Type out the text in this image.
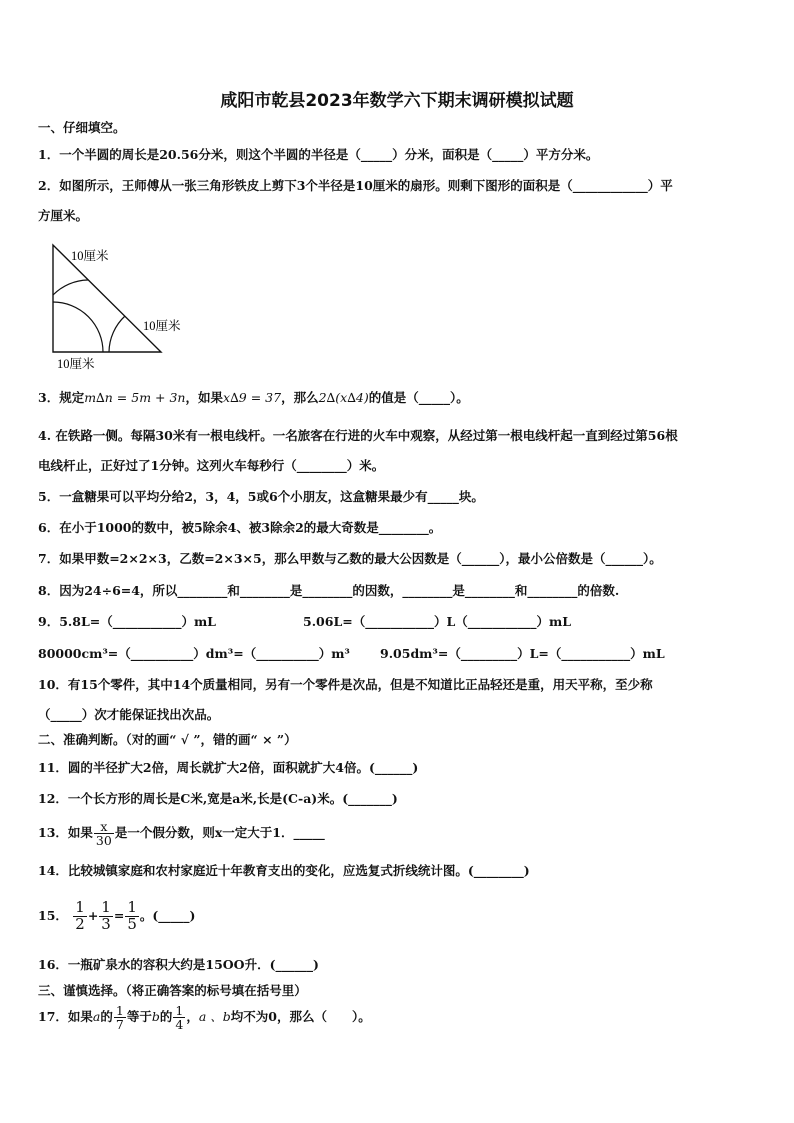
咸阳市乾县2023年数学六下期末调研模拟试题
一、仔细填空。
1．一个半圆的周长是20.56分米，则这个半圆的半径是（_____）分米，面积是（_____）平方分米。
2．如图所示，王师傅从一张三角形铁皮上剪下3个半径是10厘米的扇形。则剩下图形的面积是（____________）平
方厘米。
10厘米
10厘米
10厘米
3．规定m∆n = 5m + 3n，如果x∆9 = 37，那么2∆(x∆4)的值是（_____）。
4. 在铁路一侧。每隔30米有一根电线杆。一名旅客在行进的火车中观察，从经过第一根电线杆起一直到经过第56根
电线杆止，正好过了1分钟。这列火车每秒行（________）米。
5．一盒糖果可以平均分给2，3，4，5或6个小朋友，这盒糖果最少有_____块。
6．在小于1000的数中，被5除余4、被3除余2的最大奇数是________。
7．如果甲数=2×2×3，乙数=2×3×5，那么甲数与乙数的最大公因数是（______），最小公倍数是（______）。
8．因为24÷6=4，所以________和________是________的因数，________是________和________的倍数.
9．5.8L=（___________）mL	5.06L=（___________）L（___________）mL
80000cm³=（__________）dm³=（__________）m³ 9.05dm³=（_________）L=（___________）mL
10．有15个零件，其中14个质量相同，另有一个零件是次品，但是不知道比正品轻还是重，用天平称，至少称
（_____）次才能保证找出次品。
二、准确判断。（对的画“ √ ”，错的画“ × ”）
11．圆的半径扩大2倍，周长就扩大2倍，面积就扩大4倍。(______)
12．一个长方形的周长是C米,宽是a米,长是(C-a)米。(_______)
13．如果 $\frac{x}{30}$ 是一个假分数，则x一定大于1．_____
14．比较城镇家庭和农村家庭近十年教育支出的变化，应选复式折线统计图。(________)
15． $\frac{1}{2} + \frac{1}{3} = \frac{1}{5}$ 。(_____)
16．一瓶矿泉水的容积大约是15OO升．(______)
三、谨慎选择。（将正确答案的标号填在括号里）
17．如果a的 $\frac{1}{7}$ 等于b的 $\frac{1}{4}$ ，a 、b均不为0，那么（　　）。
